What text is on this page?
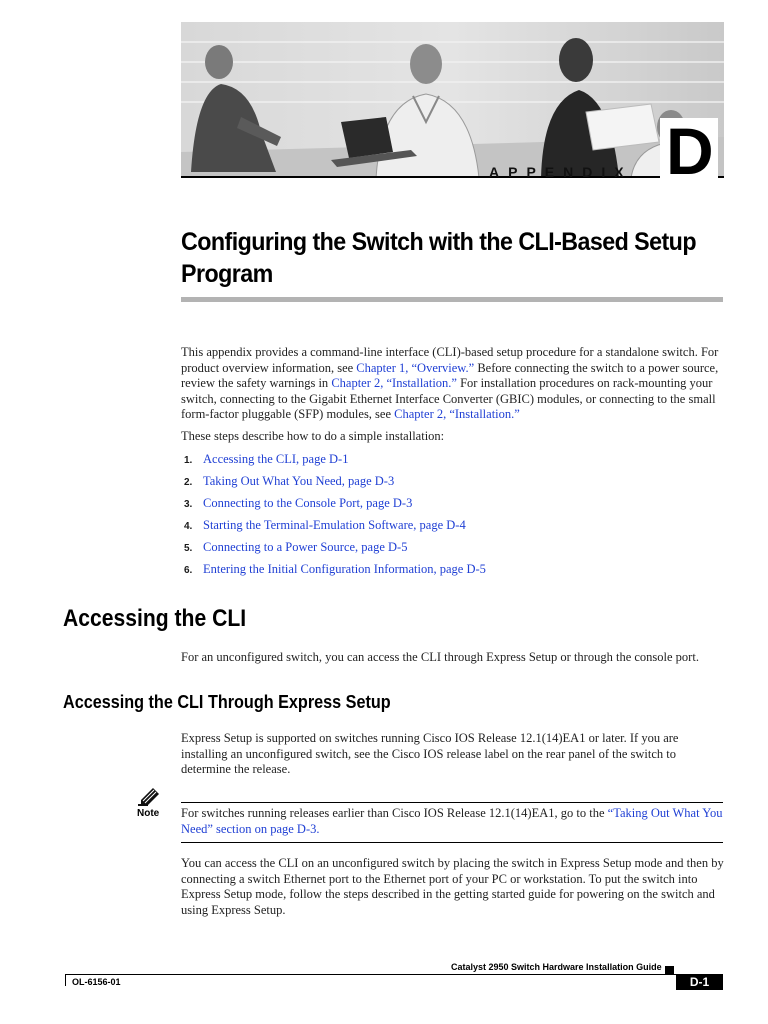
APPENDIX D
Configuring the Switch with the CLI-Based Setup Program
This appendix provides a command-line interface (CLI)-based setup procedure for a standalone switch. For product overview information, see Chapter 1, “Overview.” Before connecting the switch to a power source, review the safety warnings in Chapter 2, “Installation.” For installation procedures on rack-mounting your switch, connecting to the Gigabit Ethernet Interface Converter (GBIC) modules, or connecting to the small form-factor pluggable (SFP) modules, see Chapter 2, “Installation.”
These steps describe how to do a simple installation:
1. Accessing the CLI, page D-1
2. Taking Out What You Need, page D-3
3. Connecting to the Console Port, page D-3
4. Starting the Terminal-Emulation Software, page D-4
5. Connecting to a Power Source, page D-5
6. Entering the Initial Configuration Information, page D-5
Accessing the CLI
For an unconfigured switch, you can access the CLI through Express Setup or through the console port.
Accessing the CLI Through Express Setup
Express Setup is supported on switches running Cisco IOS Release 12.1(14)EA1 or later. If you are installing an unconfigured switch, see the Cisco IOS release label on the rear panel of the switch to determine the release.
Note For switches running releases earlier than Cisco IOS Release 12.1(14)EA1, go to the “Taking Out What You Need” section on page D-3.
You can access the CLI on an unconfigured switch by placing the switch in Express Setup mode and then by connecting a switch Ethernet port to the Ethernet port of your PC or workstation. To put the switch into Express Setup mode, follow the steps described in the getting started guide for powering on the switch and using Express Setup.
Catalyst 2950 Switch Hardware Installation Guide
OL-6156-01	D-1
